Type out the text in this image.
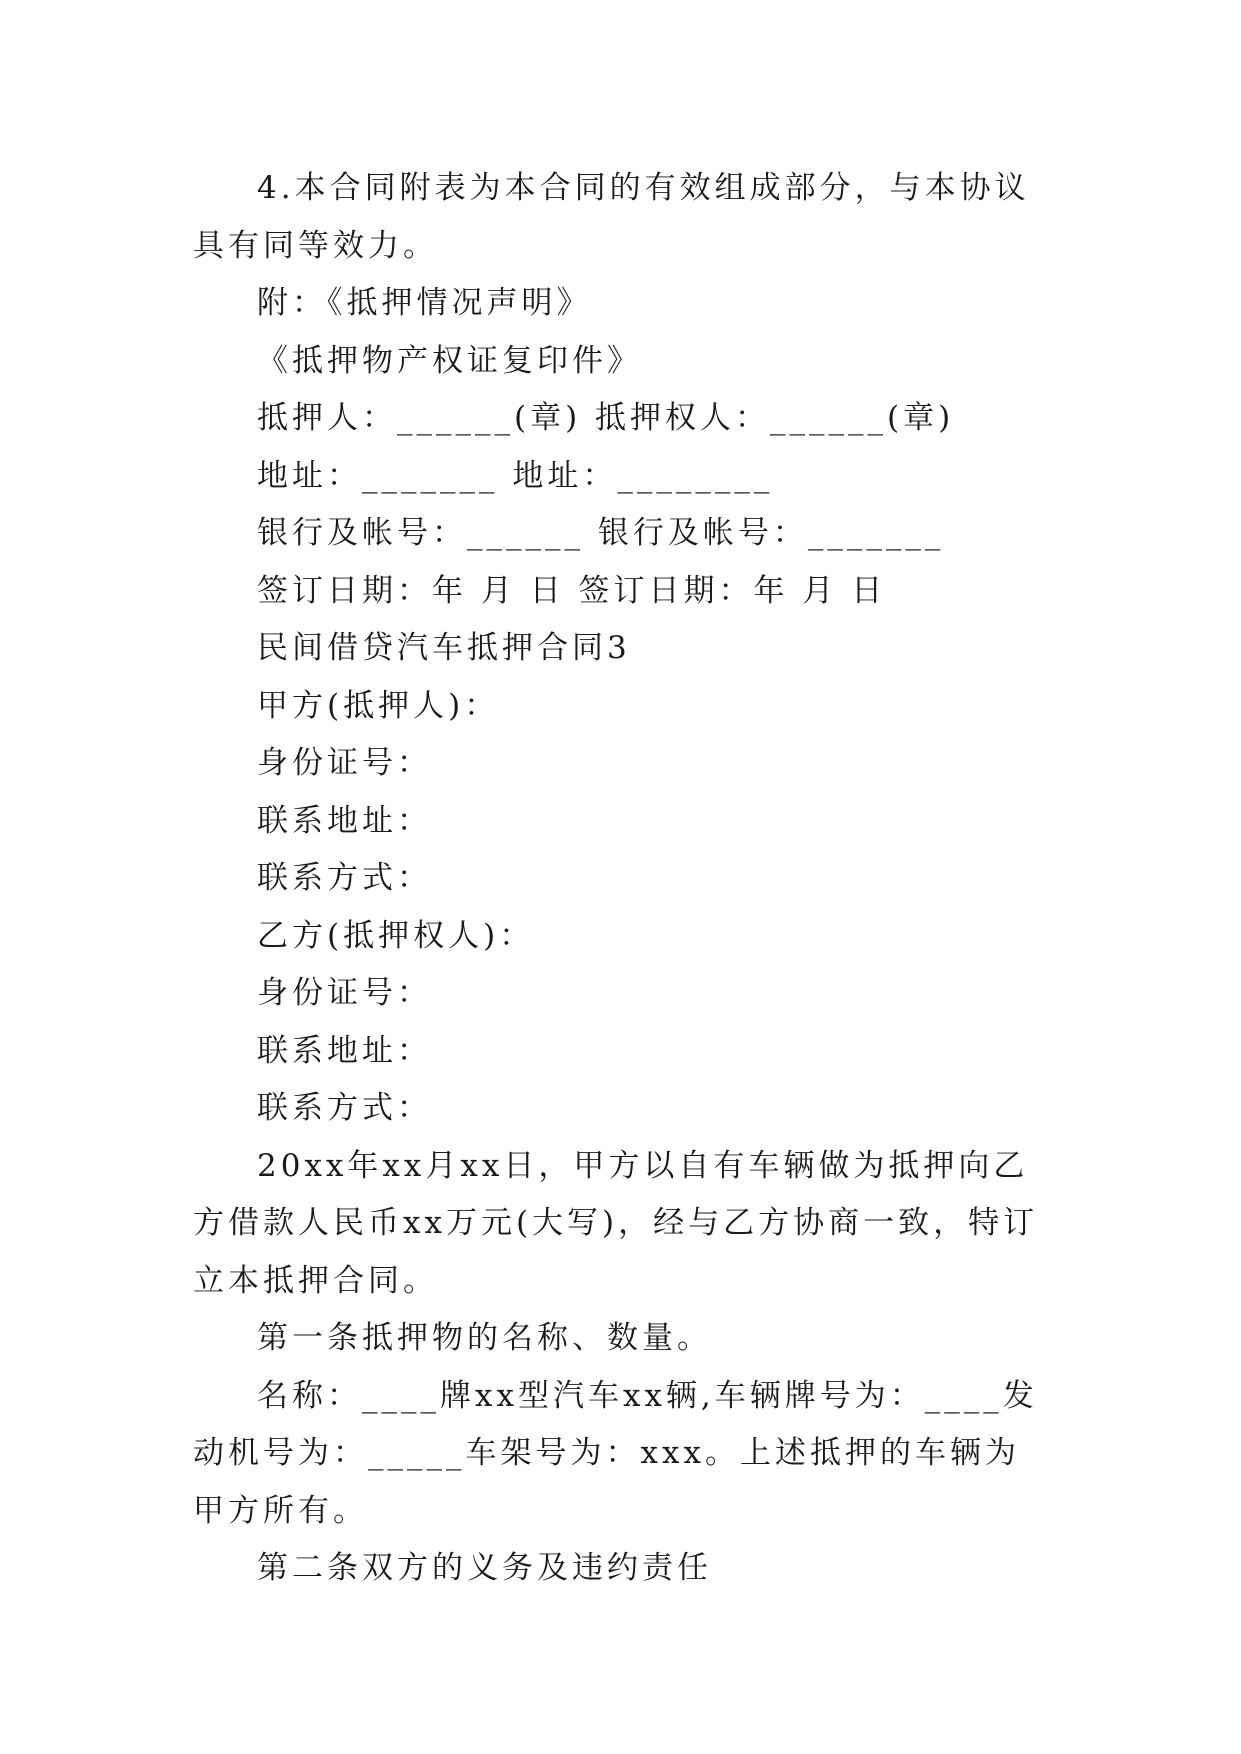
4.本合同附表为本合同的有效组成部分，与本协议具有同等效力。

附：《抵押情况声明》

《抵押物产权证复印件》

抵押人：______(章) 抵押权人：______(章)

地址：_______ 地址：________

银行及帐号：______ 银行及帐号：_______

签订日期：年 月 日 签订日期：年 月 日

民间借贷汽车抵押合同3

甲方(抵押人)：

身份证号：

联系地址：

联系方式：

乙方(抵押权人)：

身份证号：

联系地址：

联系方式：

20xx年xx月xx日，甲方以自有车辆做为抵押向乙方借款人民币xx万元(大写)，经与乙方协商一致，特订立本抵押合同。

第一条抵押物的名称、数量。

名称：____牌xx型汽车xx辆,车辆牌号为：____发动机号为：_____车架号为：xxx。上述抵押的车辆为甲方所有。

第二条双方的义务及违约责任
